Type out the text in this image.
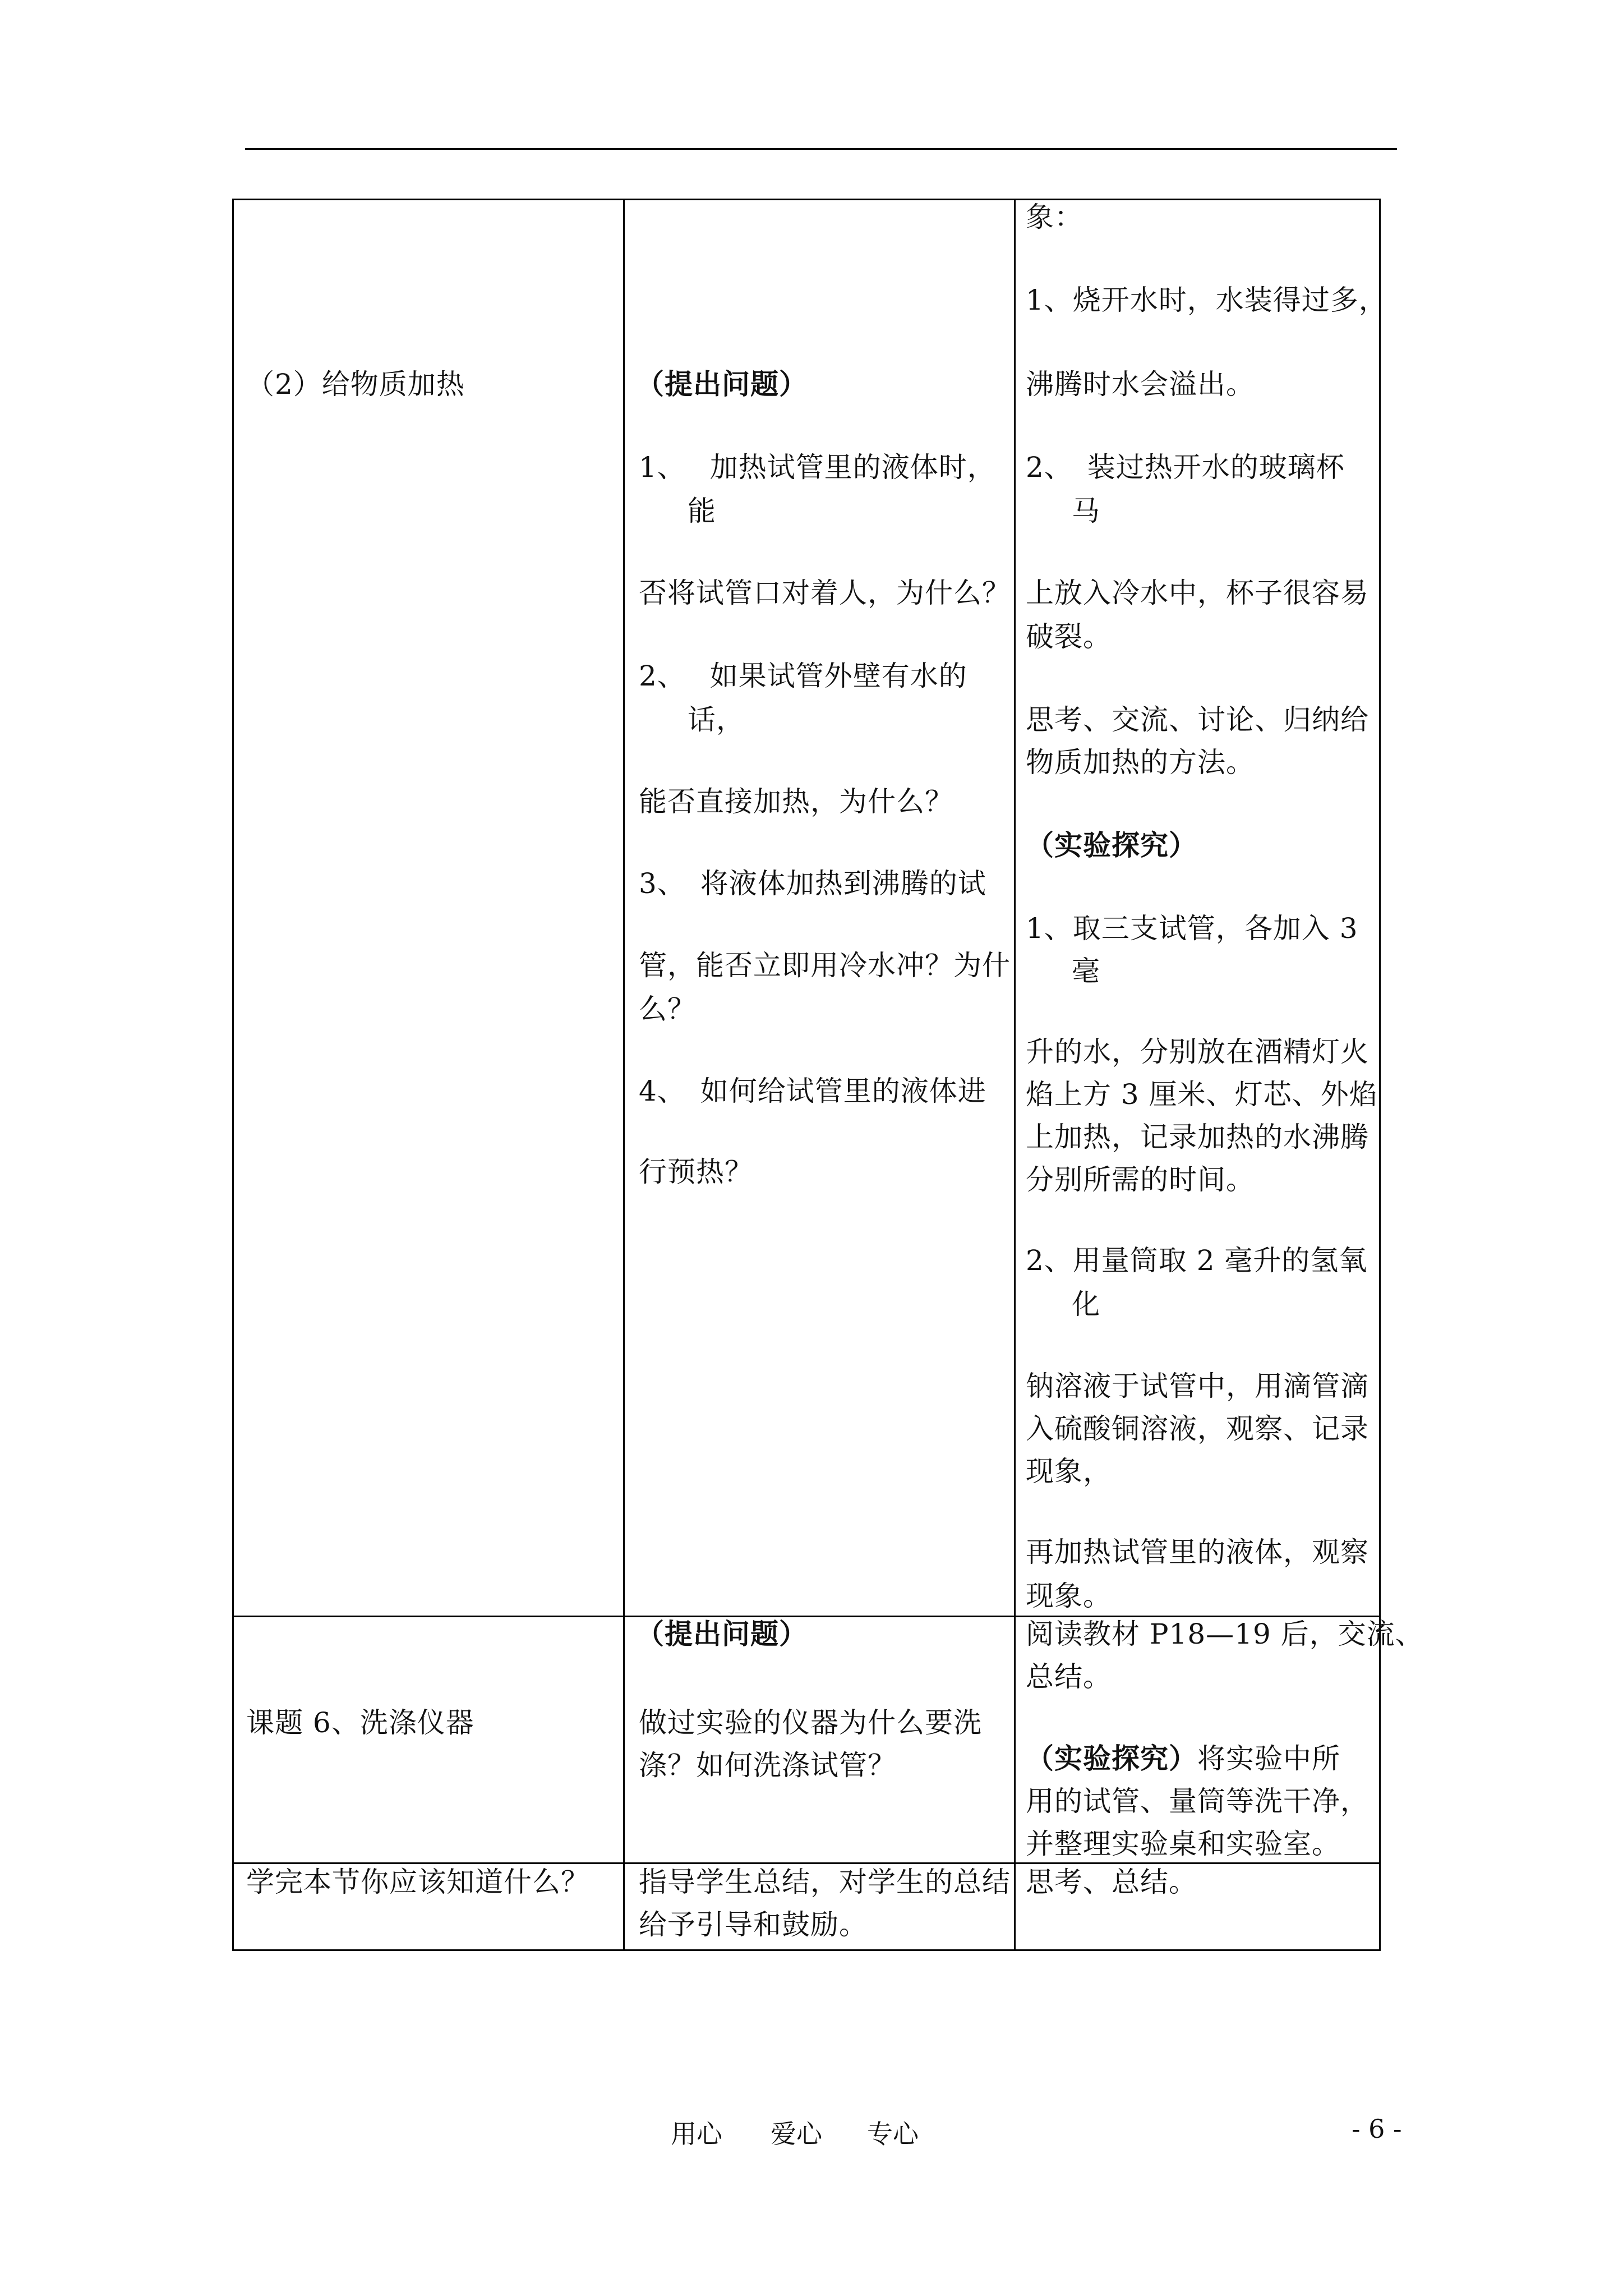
（2）给物质加热	（提出问题）
1、　 加热试管里的液体时，
能
否将试管口对着人，为什么？
2、　 如果试管外壁有水的
话，
能否直接加热，为什么？
3、　将液体加热到沸腾的试
管，能否立即用冷水冲？为什
么？
4、　如何给试管里的液体进
行预热？
象：
1、烧开水时，水装得过多，
沸腾时水会溢出。
2、　装过热开水的玻璃杯
马
上放入冷水中，杯子很容易
破裂。
思考、交流、讨论、归纳给
物质加热的方法。
（实验探究）
1、取三支试管，各加入 3
毫
升的水，分别放在酒精灯火
焰上方 3 厘米、灯芯、外焰
上加热，记录加热的水沸腾
分别所需的时间。
2、用量筒取 2 毫升的氢氧
化
钠溶液于试管中，用滴管滴
入硫酸铜溶液，观察、记录
现象，
再加热试管里的液体，观察
现象。
课题 6、洗涤仪器
（提出问题）
做过实验的仪器为什么要洗
涤？如何洗涤试管？
阅读教材 P18—19 后，交流、
总结。
（实验探究）将实验中所
用的试管、量筒等洗干净，
并整理实验桌和实验室。
学完本节你应该知道什么？ 指导学生总结，对学生的总结
给予引导和鼓励。
思考、总结。
用心 爱心 专心	- 6 -
